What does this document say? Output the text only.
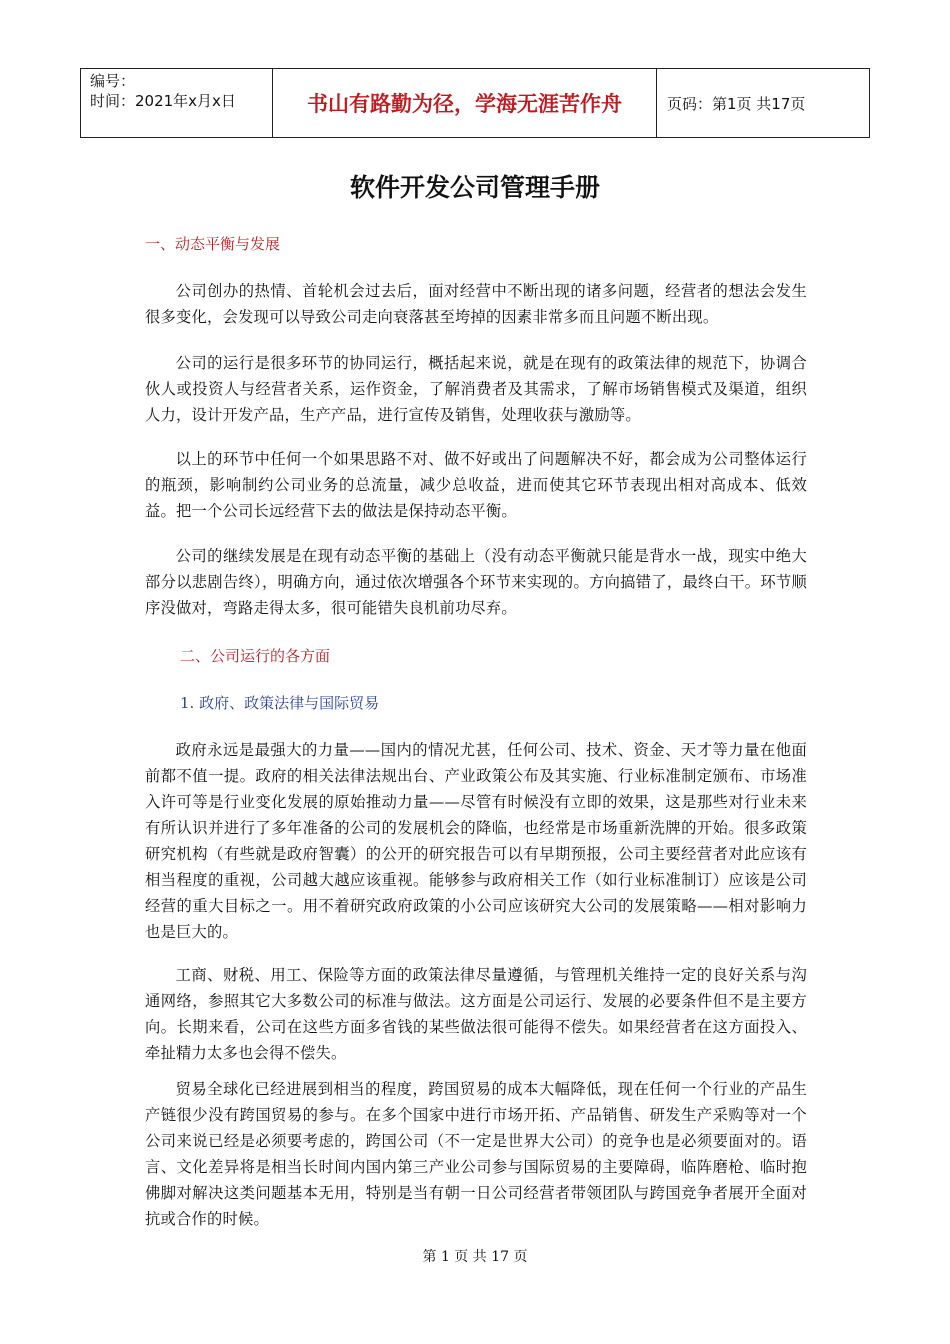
编号：
时间：2021年x月x日	书山有路勤为径，学海无涯苦作舟	页码：第1页 共17页
软件开发公司管理手册
一、动态平衡与发展
公司创办的热情、首轮机会过去后，面对经营中不断出现的诸多问题，经营者的想法会发生很多变化，会发现可以导致公司走向衰落甚至垮掉的因素非常多而且问题不断出现。
公司的运行是很多环节的协同运行，概括起来说，就是在现有的政策法律的规范下，协调合伙人或投资人与经营者关系，运作资金，了解消费者及其需求，了解市场销售模式及渠道，组织人力，设计开发产品，生产产品，进行宣传及销售，处理收获与激励等。
以上的环节中任何一个如果思路不对、做不好或出了问题解决不好，都会成为公司整体运行的瓶颈，影响制约公司业务的总流量，减少总收益，进而使其它环节表现出相对高成本、低效益。把一个公司长远经营下去的做法是保持动态平衡。
公司的继续发展是在现有动态平衡的基础上（没有动态平衡就只能是背水一战，现实中绝大部分以悲剧告终），明确方向，通过依次增强各个环节来实现的。方向搞错了，最终白干。环节顺序没做对，弯路走得太多，很可能错失良机前功尽弃。
二、公司运行的各方面
1. 政府、政策法律与国际贸易
政府永远是最强大的力量——国内的情况尤甚，任何公司、技术、资金、天才等力量在他面前都不值一提。政府的相关法律法规出台、产业政策公布及其实施、行业标准制定颁布、市场准入许可等是行业变化发展的原始推动力量——尽管有时候没有立即的效果，这是那些对行业未来有所认识并进行了多年准备的公司的发展机会的降临，也经常是市场重新洗牌的开始。很多政策研究机构（有些就是政府智囊）的公开的研究报告可以有早期预报，公司主要经营者对此应该有相当程度的重视，公司越大越应该重视。能够参与政府相关工作（如行业标准制订）应该是公司经营的重大目标之一。用不着研究政府政策的小公司应该研究大公司的发展策略——相对影响力也是巨大的。
工商、财税、用工、保险等方面的政策法律尽量遵循，与管理机关维持一定的良好关系与沟通网络，参照其它大多数公司的标准与做法。这方面是公司运行、发展的必要条件但不是主要方向。长期来看，公司在这些方面多省钱的某些做法很可能得不偿失。如果经营者在这方面投入、牵扯精力太多也会得不偿失。
贸易全球化已经进展到相当的程度，跨国贸易的成本大幅降低，现在任何一个行业的产品生产链很少没有跨国贸易的参与。在多个国家中进行市场开拓、产品销售、研发生产采购等对一个公司来说已经是必须要考虑的，跨国公司（不一定是世界大公司）的竞争也是必须要面对的。语言、文化差异将是相当长时间内国内第三产业公司参与国际贸易的主要障碍，临阵磨枪、临时抱佛脚对解决这类问题基本无用，特别是当有朝一日公司经营者带领团队与跨国竞争者展开全面对抗或合作的时候。
第 1 页 共 17 页
